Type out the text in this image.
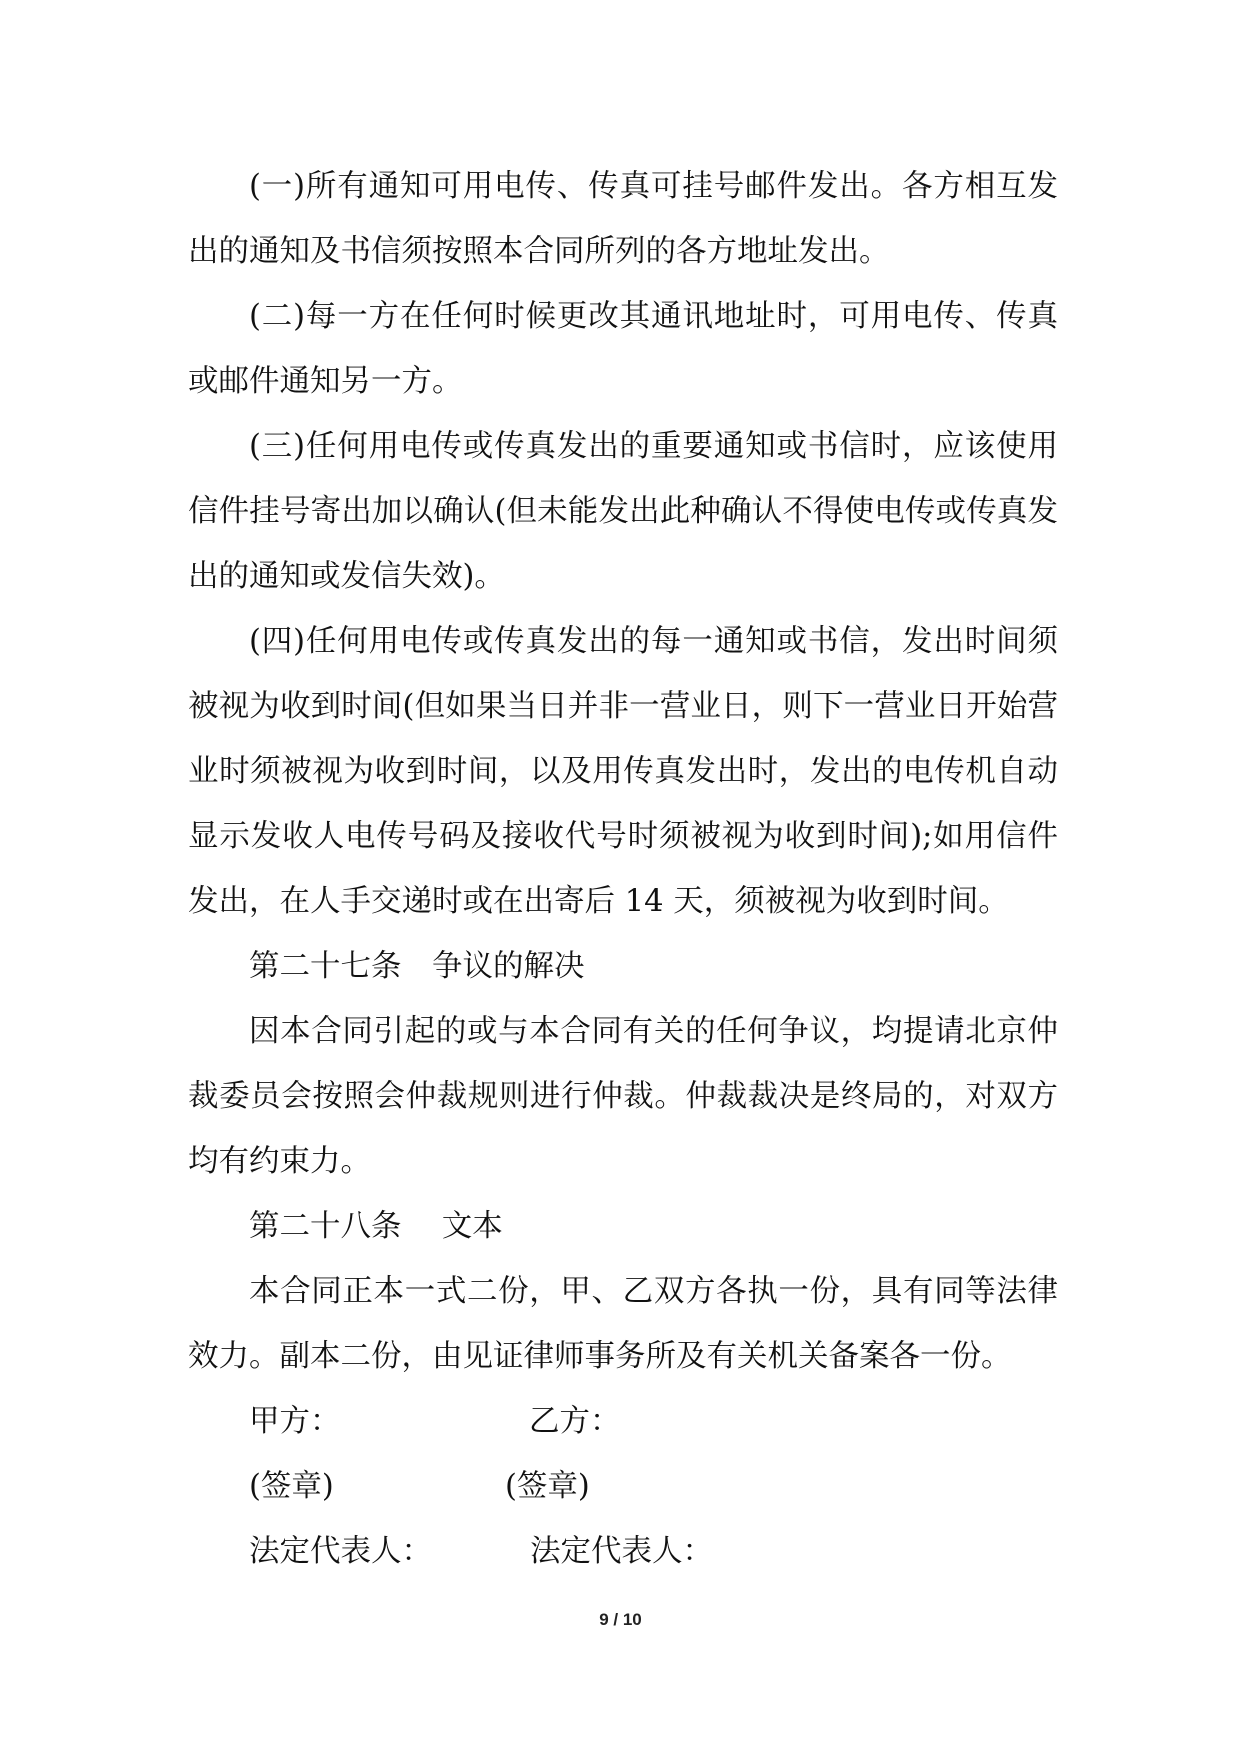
(一)所有通知可用电传、传真可挂号邮件发出。各方相互发出的通知及书信须按照本合同所列的各方地址发出。

(二)每一方在任何时候更改其通讯地址时，可用电传、传真或邮件通知另一方。

(三)任何用电传或传真发出的重要通知或书信时，应该使用信件挂号寄出加以确认(但未能发出此种确认不得使电传或传真发出的通知或发信失效)。

(四)任何用电传或传真发出的每一通知或书信，发出时间须被视为收到时间(但如果当日并非一营业日，则下一营业日开始营业时须被视为收到时间，以及用传真发出时，发出的电传机自动显示发收人电传号码及接收代号时须被视为收到时间);如用信件发出，在人手交递时或在出寄后 14 天，须被视为收到时间。

第二十七条　争议的解决

因本合同引起的或与本合同有关的任何争议，均提请北京仲裁委员会按照会仲裁规则进行仲裁。仲裁裁决是终局的，对双方均有约束力。

第二十八条　 文本

本合同正本一式二份，甲、乙双方各执一份，具有同等法律效力。副本二份，由见证律师事务所及有关机关备案各一份。

甲方：	乙方：
(签章)	(签章)
法定代表人：	法定代表人：
9 / 10
